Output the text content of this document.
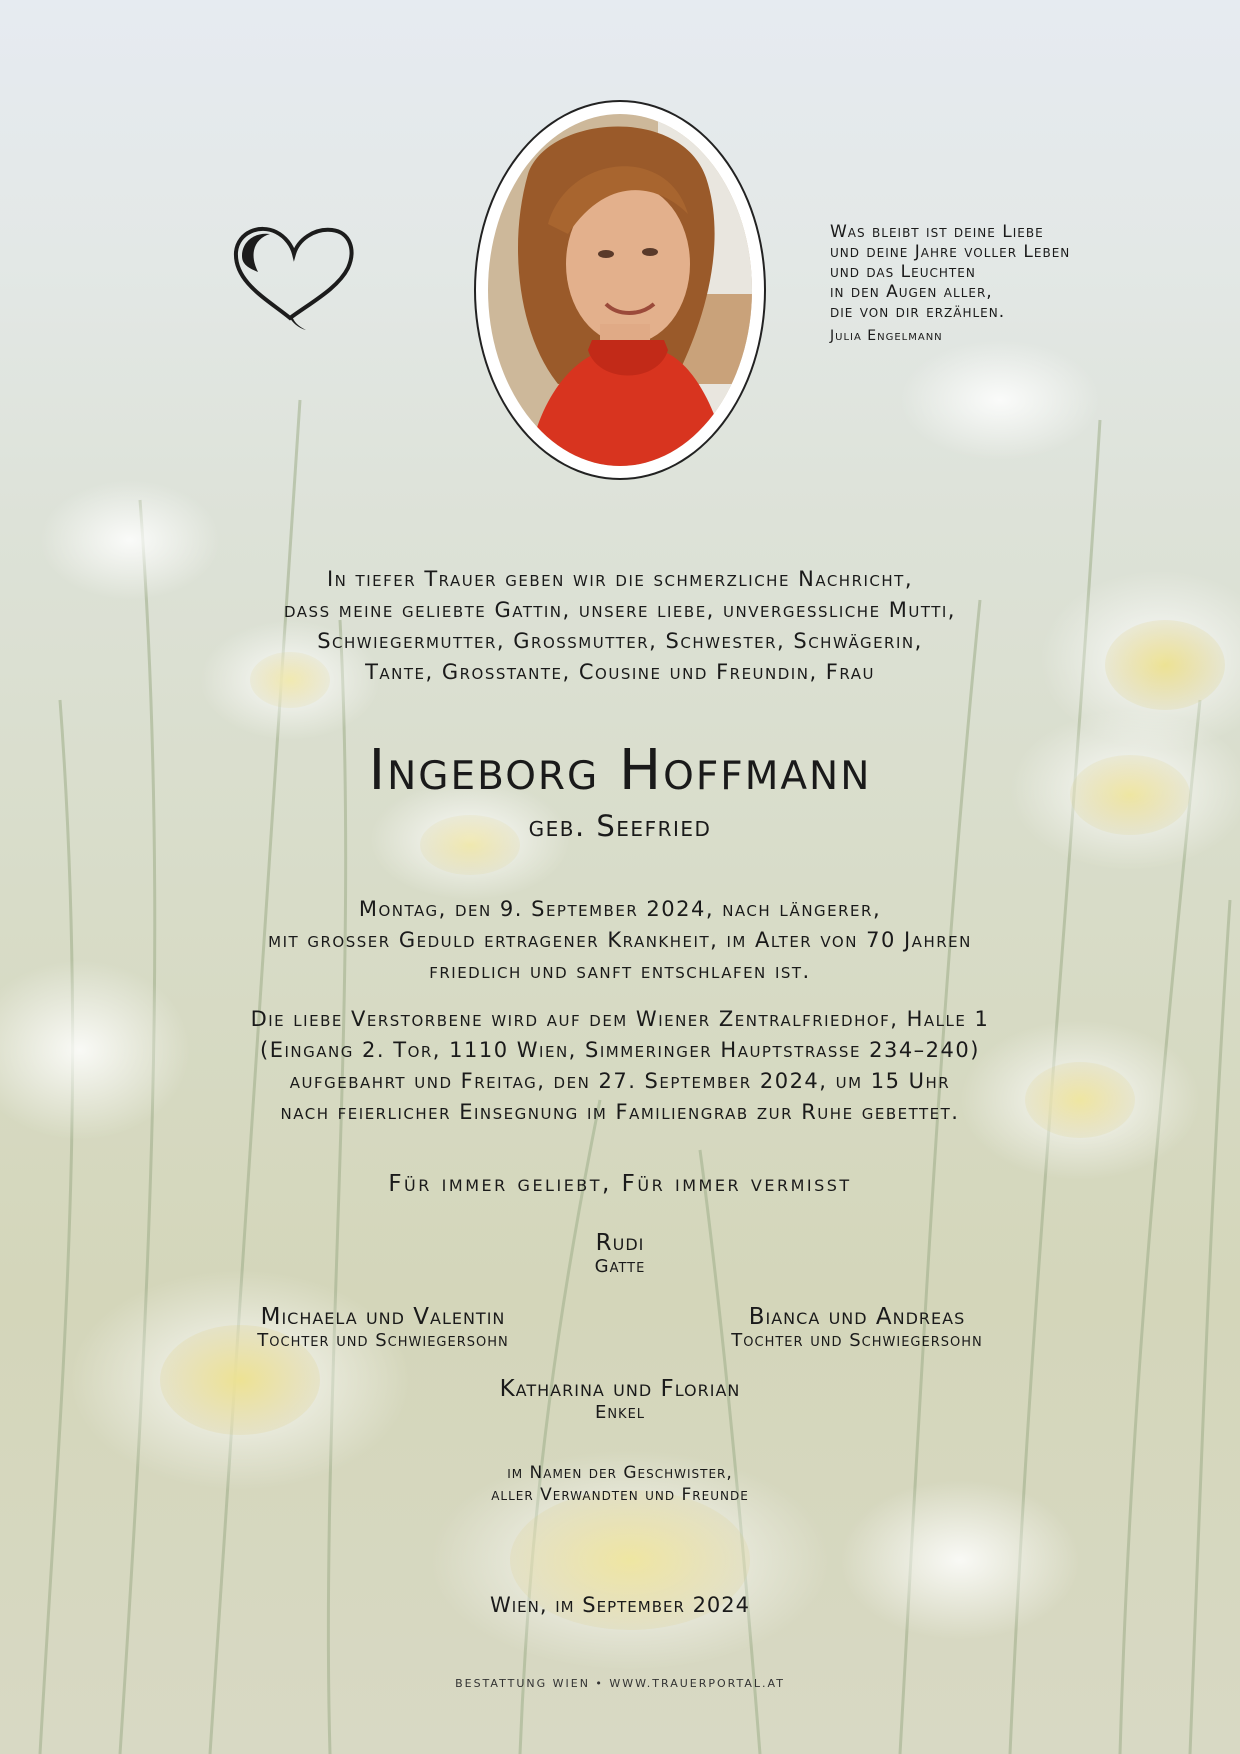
Was bleibt ist deine Liebe
und deine Jahre voller Leben
und das Leuchten
in den Augen aller,
die von dir erzählen.
Julia Engelmann
In tiefer Trauer geben wir die schmerzliche Nachricht,
dass meine geliebte Gattin, unsere liebe, unvergessliche Mutti,
Schwiegermutter, Grossmutter, Schwester, Schwägerin,
Tante, Grosstante, Cousine und Freundin, Frau
Ingeborg Hoffmann
geb. Seefried
Montag, den 9. September 2024, nach längerer,
mit grosser Geduld ertragener Krankheit, im Alter von 70 Jahren
friedlich und sanft entschlafen ist.
Die liebe Verstorbene wird auf dem Wiener Zentralfriedhof, Halle 1
(Eingang 2. Tor, 1110 Wien, Simmeringer Hauptstrasse 234–240)
aufgebahrt und Freitag, den 27. September 2024, um 15 Uhr
nach feierlicher Einsegnung im Familiengrab zur Ruhe gebettet.
Für immer geliebt, Für immer vermisst
Rudi
Gatte
Michaela und Valentin
Tochter und Schwiegersohn
Bianca und Andreas
Tochter und Schwiegersohn
Katharina und Florian
Enkel
im Namen der Geschwister,
aller Verwandten und Freunde
Wien, im September 2024
BESTATTUNG WIEN • WWW.TRAUERPORTAL.AT
